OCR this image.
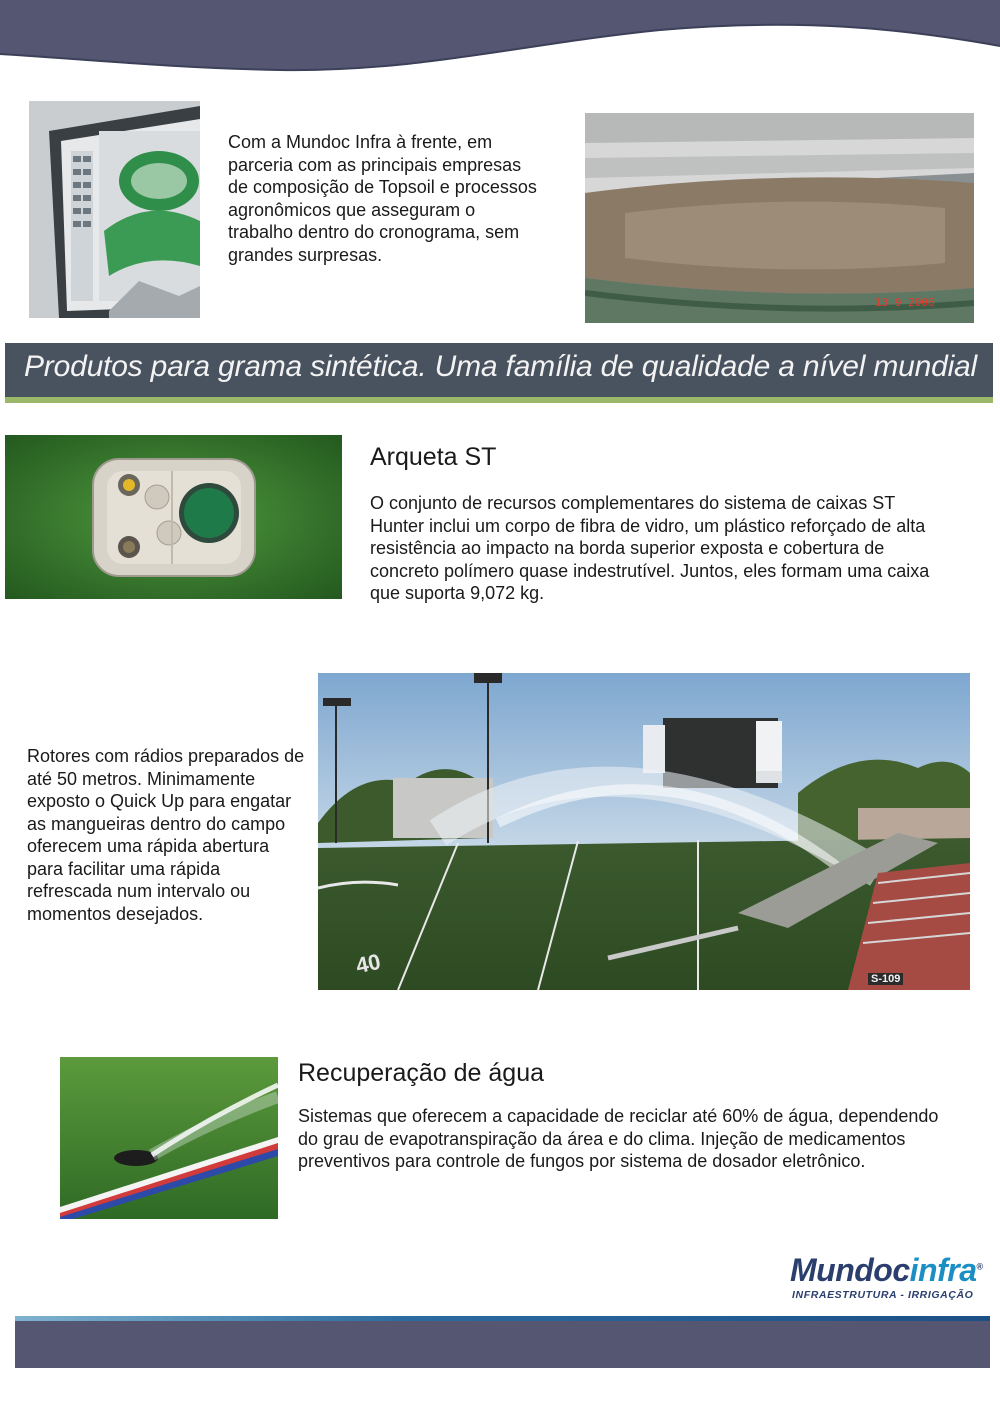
Com a Mundoc Infra à frente, em parceria com as principais empresas de composição de Topsoil e processos agronômicos que asseguram o trabalho dentro do cronograma, sem grandes surpresas.
13 9 2006
Produtos para grama sintética. Uma família de qualidade a nível mundial
Arqueta ST
O conjunto de recursos complementares do sistema de caixas ST Hunter inclui um corpo de fibra de vidro, um plástico reforçado de alta resistência ao impacto na borda superior exposta e cobertura de concreto polímero quase indestrutível. Juntos, eles formam uma caixa que suporta 9,072 kg.
Rotores com rádios preparados de até 50 metros. Minimamente exposto o Quick Up para engatar as mangueiras dentro do campo oferecem uma rápida abertura para facilitar uma rápida refrescada num intervalo ou momentos desejados.
40
S-109
Recuperação de água
Sistemas que oferecem a capacidade de reciclar até 60% de água, dependendo do grau de evapotranspiração da área e do clima. Injeção de medicamentos preventivos para controle de fungos por sistema de dosador eletrônico.
Mundocinfra®
INFRAESTRUTURA - IRRIGAÇÃO
